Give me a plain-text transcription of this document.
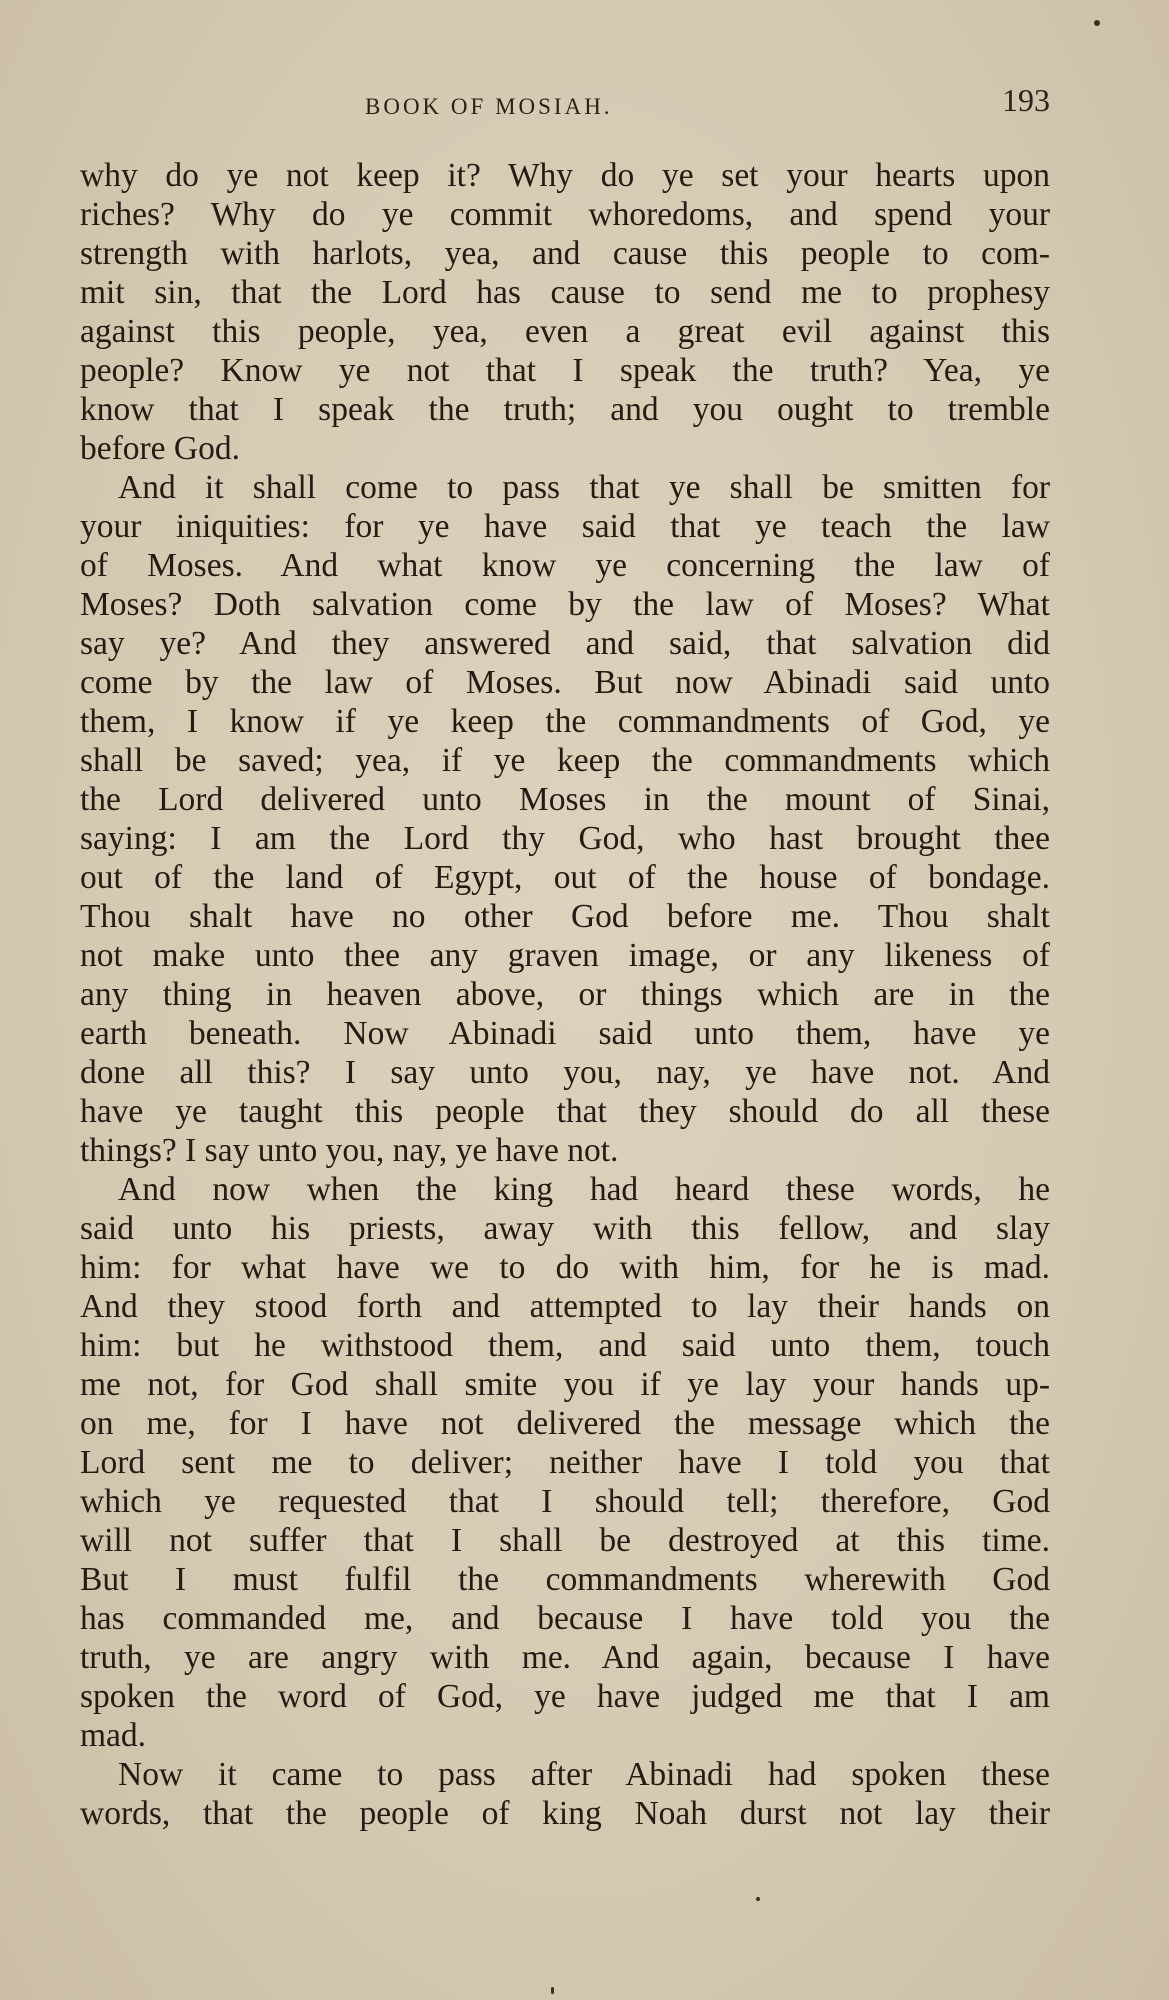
BOOK OF MOSIAH.	193
why do ye not keep it? Why do ye set your hearts upon
riches? Why do ye commit whoredoms, and spend your
strength with harlots, yea, and cause this people to com-
mit sin, that the Lord has cause to send me to prophesy
against this people, yea, even a great evil against this
people? Know ye not that I speak the truth? Yea, ye
know that I speak the truth; and you ought to tremble
before God.
And it shall come to pass that ye shall be smitten for
your iniquities: for ye have said that ye teach the law
of Moses. And what know ye concerning the law of
Moses? Doth salvation come by the law of Moses? What
say ye? And they answered and said, that salvation did
come by the law of Moses. But now Abinadi said unto
them, I know if ye keep the commandments of God, ye
shall be saved; yea, if ye keep the commandments which
the Lord delivered unto Moses in the mount of Sinai,
saying: I am the Lord thy God, who hast brought thee
out of the land of Egypt, out of the house of bondage.
Thou shalt have no other God before me. Thou shalt
not make unto thee any graven image, or any likeness of
any thing in heaven above, or things which are in the
earth beneath. Now Abinadi said unto them, have ye
done all this? I say unto you, nay, ye have not. And
have ye taught this people that they should do all these
things? I say unto you, nay, ye have not.
And now when the king had heard these words, he
said unto his priests, away with this fellow, and slay
him: for what have we to do with him, for he is mad.
And they stood forth and attempted to lay their hands on
him: but he withstood them, and said unto them, touch
me not, for God shall smite you if ye lay your hands up-
on me, for I have not delivered the message which the
Lord sent me to deliver; neither have I told you that
which ye requested that I should tell; therefore, God
will not suffer that I shall be destroyed at this time.
But I must fulfil the commandments wherewith God
has commanded me, and because I have told you the
truth, ye are angry with me. And again, because I have
spoken the word of God, ye have judged me that I am
mad.
Now it came to pass after Abinadi had spoken these
words, that the people of king Noah durst not lay their
